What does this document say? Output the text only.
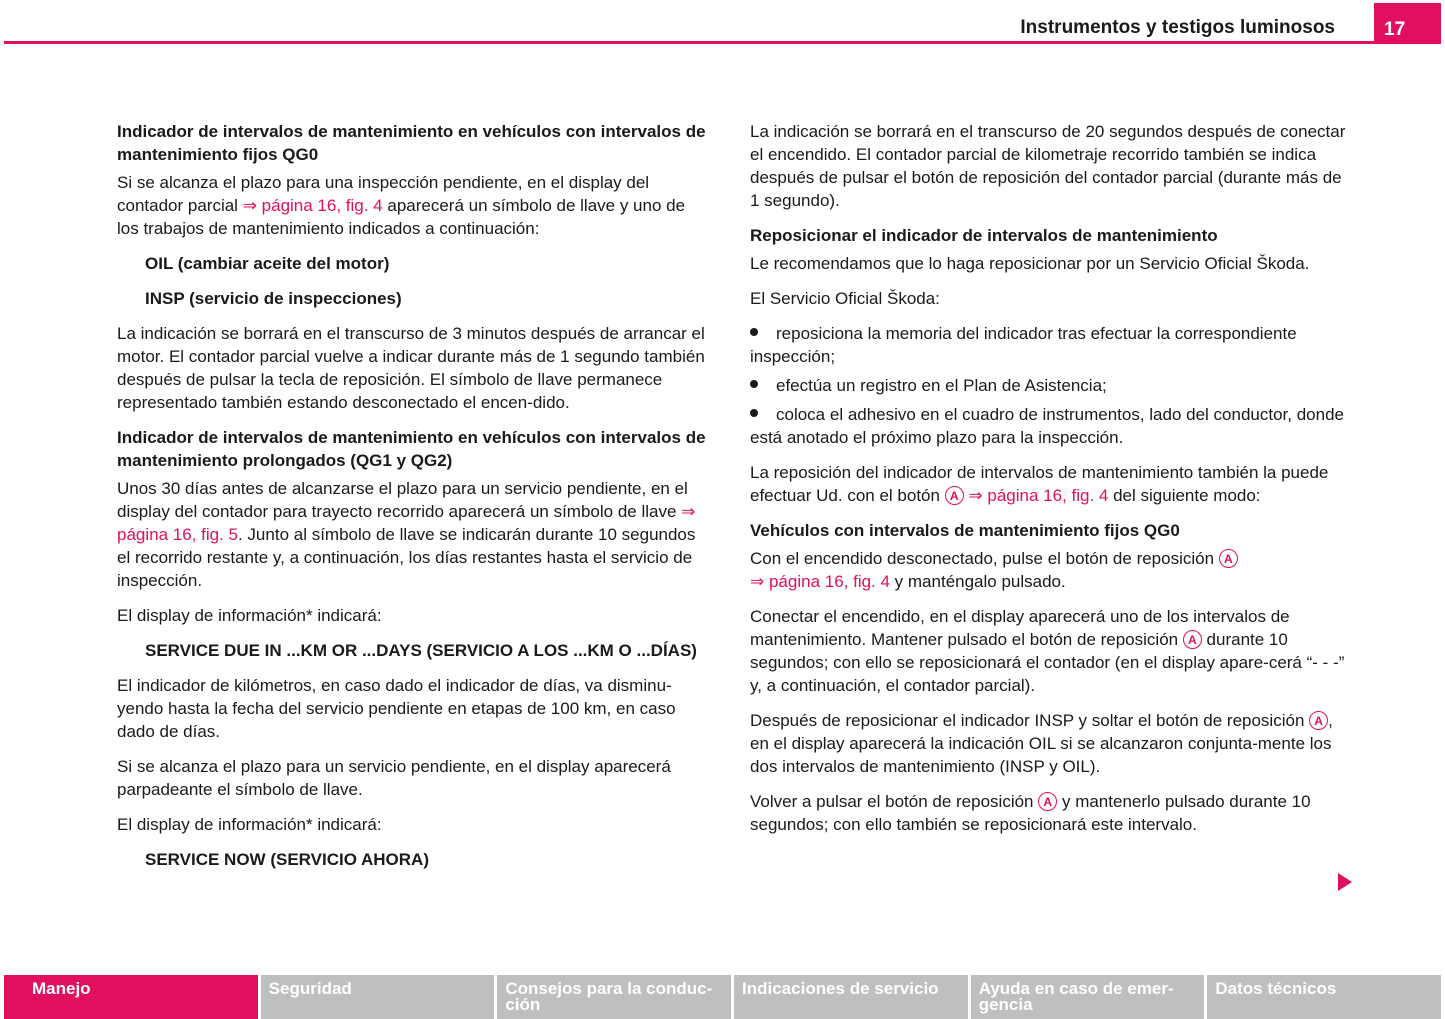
Instrumentos y testigos luminosos	17
Indicador de intervalos de mantenimiento en vehículos con intervalos de mantenimiento fijos QG0

Si se alcanza el plazo para una inspección pendiente, en el display del contador parcial ⇒ página 16, fig. 4 aparecerá un símbolo de llave y uno de los trabajos de mantenimiento indicados a continuación:

OIL (cambiar aceite del motor)

INSP (servicio de inspecciones)

La indicación se borrará en el transcurso de 3 minutos después de arrancar el motor. El contador parcial vuelve a indicar durante más de 1 segundo también después de pulsar la tecla de reposición. El símbolo de llave permanece representado también estando desconectado el encen-dido.

Indicador de intervalos de mantenimiento en vehículos con intervalos de mantenimiento prolongados (QG1 y QG2)

Unos 30 días antes de alcanzarse el plazo para un servicio pendiente, en el display del contador para trayecto recorrido aparecerá un símbolo de llave ⇒ página 16, fig. 5. Junto al símbolo de llave se indicarán durante 10 segundos el recorrido restante y, a continuación, los días restantes hasta el servicio de inspección.

El display de información* indicará:

SERVICE DUE IN ...KM OR ...DAYS (SERVICIO A LOS ...KM O ...DÍAS)

El indicador de kilómetros, en caso dado el indicador de días, va disminu-yendo hasta la fecha del servicio pendiente en etapas de 100 km, en caso dado de días.

Si se alcanza el plazo para un servicio pendiente, en el display aparecerá parpadeante el símbolo de llave.

El display de información* indicará:

SERVICE NOW (SERVICIO AHORA)

La indicación se borrará en el transcurso de 20 segundos después de conectar el encendido. El contador parcial de kilometraje recorrido también se indica después de pulsar el botón de reposición del contador parcial (durante más de 1 segundo).

Reposicionar el indicador de intervalos de mantenimiento

Le recomendamos que lo haga reposicionar por un Servicio Oficial Škoda.

El Servicio Oficial Škoda:

reposiciona la memoria del indicador tras efectuar la correspondiente inspección;

efectúa un registro en el Plan de Asistencia;

coloca el adhesivo en el cuadro de instrumentos, lado del conductor, donde está anotado el próximo plazo para la inspección.

La reposición del indicador de intervalos de mantenimiento también la puede efectuar Ud. con el botón A ⇒ página 16, fig. 4 del siguiente modo:

Vehículos con intervalos de mantenimiento fijos QG0

Con el encendido desconectado, pulse el botón de reposición A
⇒ página 16, fig. 4 y manténgalo pulsado.

Conectar el encendido, en el display aparecerá uno de los intervalos de mantenimiento. Mantener pulsado el botón de reposición A durante 10 segundos; con ello se reposicionará el contador (en el display apare-cerá “- - -” y, a continuación, el contador parcial).

Después de reposicionar el indicador INSP y soltar el botón de reposición A , en el display aparecerá la indicación OIL si se alcanzaron conjunta-mente los dos intervalos de mantenimiento (INSP y OIL).

Volver a pulsar el botón de reposición A y mantenerlo pulsado durante 10 segundos; con ello también se reposicionará este intervalo.

Manejo	Seguridad	Consejos para la conduc-ción
Indicaciones de servicio	Ayuda en caso de emer-gencia
Datos técnicos
